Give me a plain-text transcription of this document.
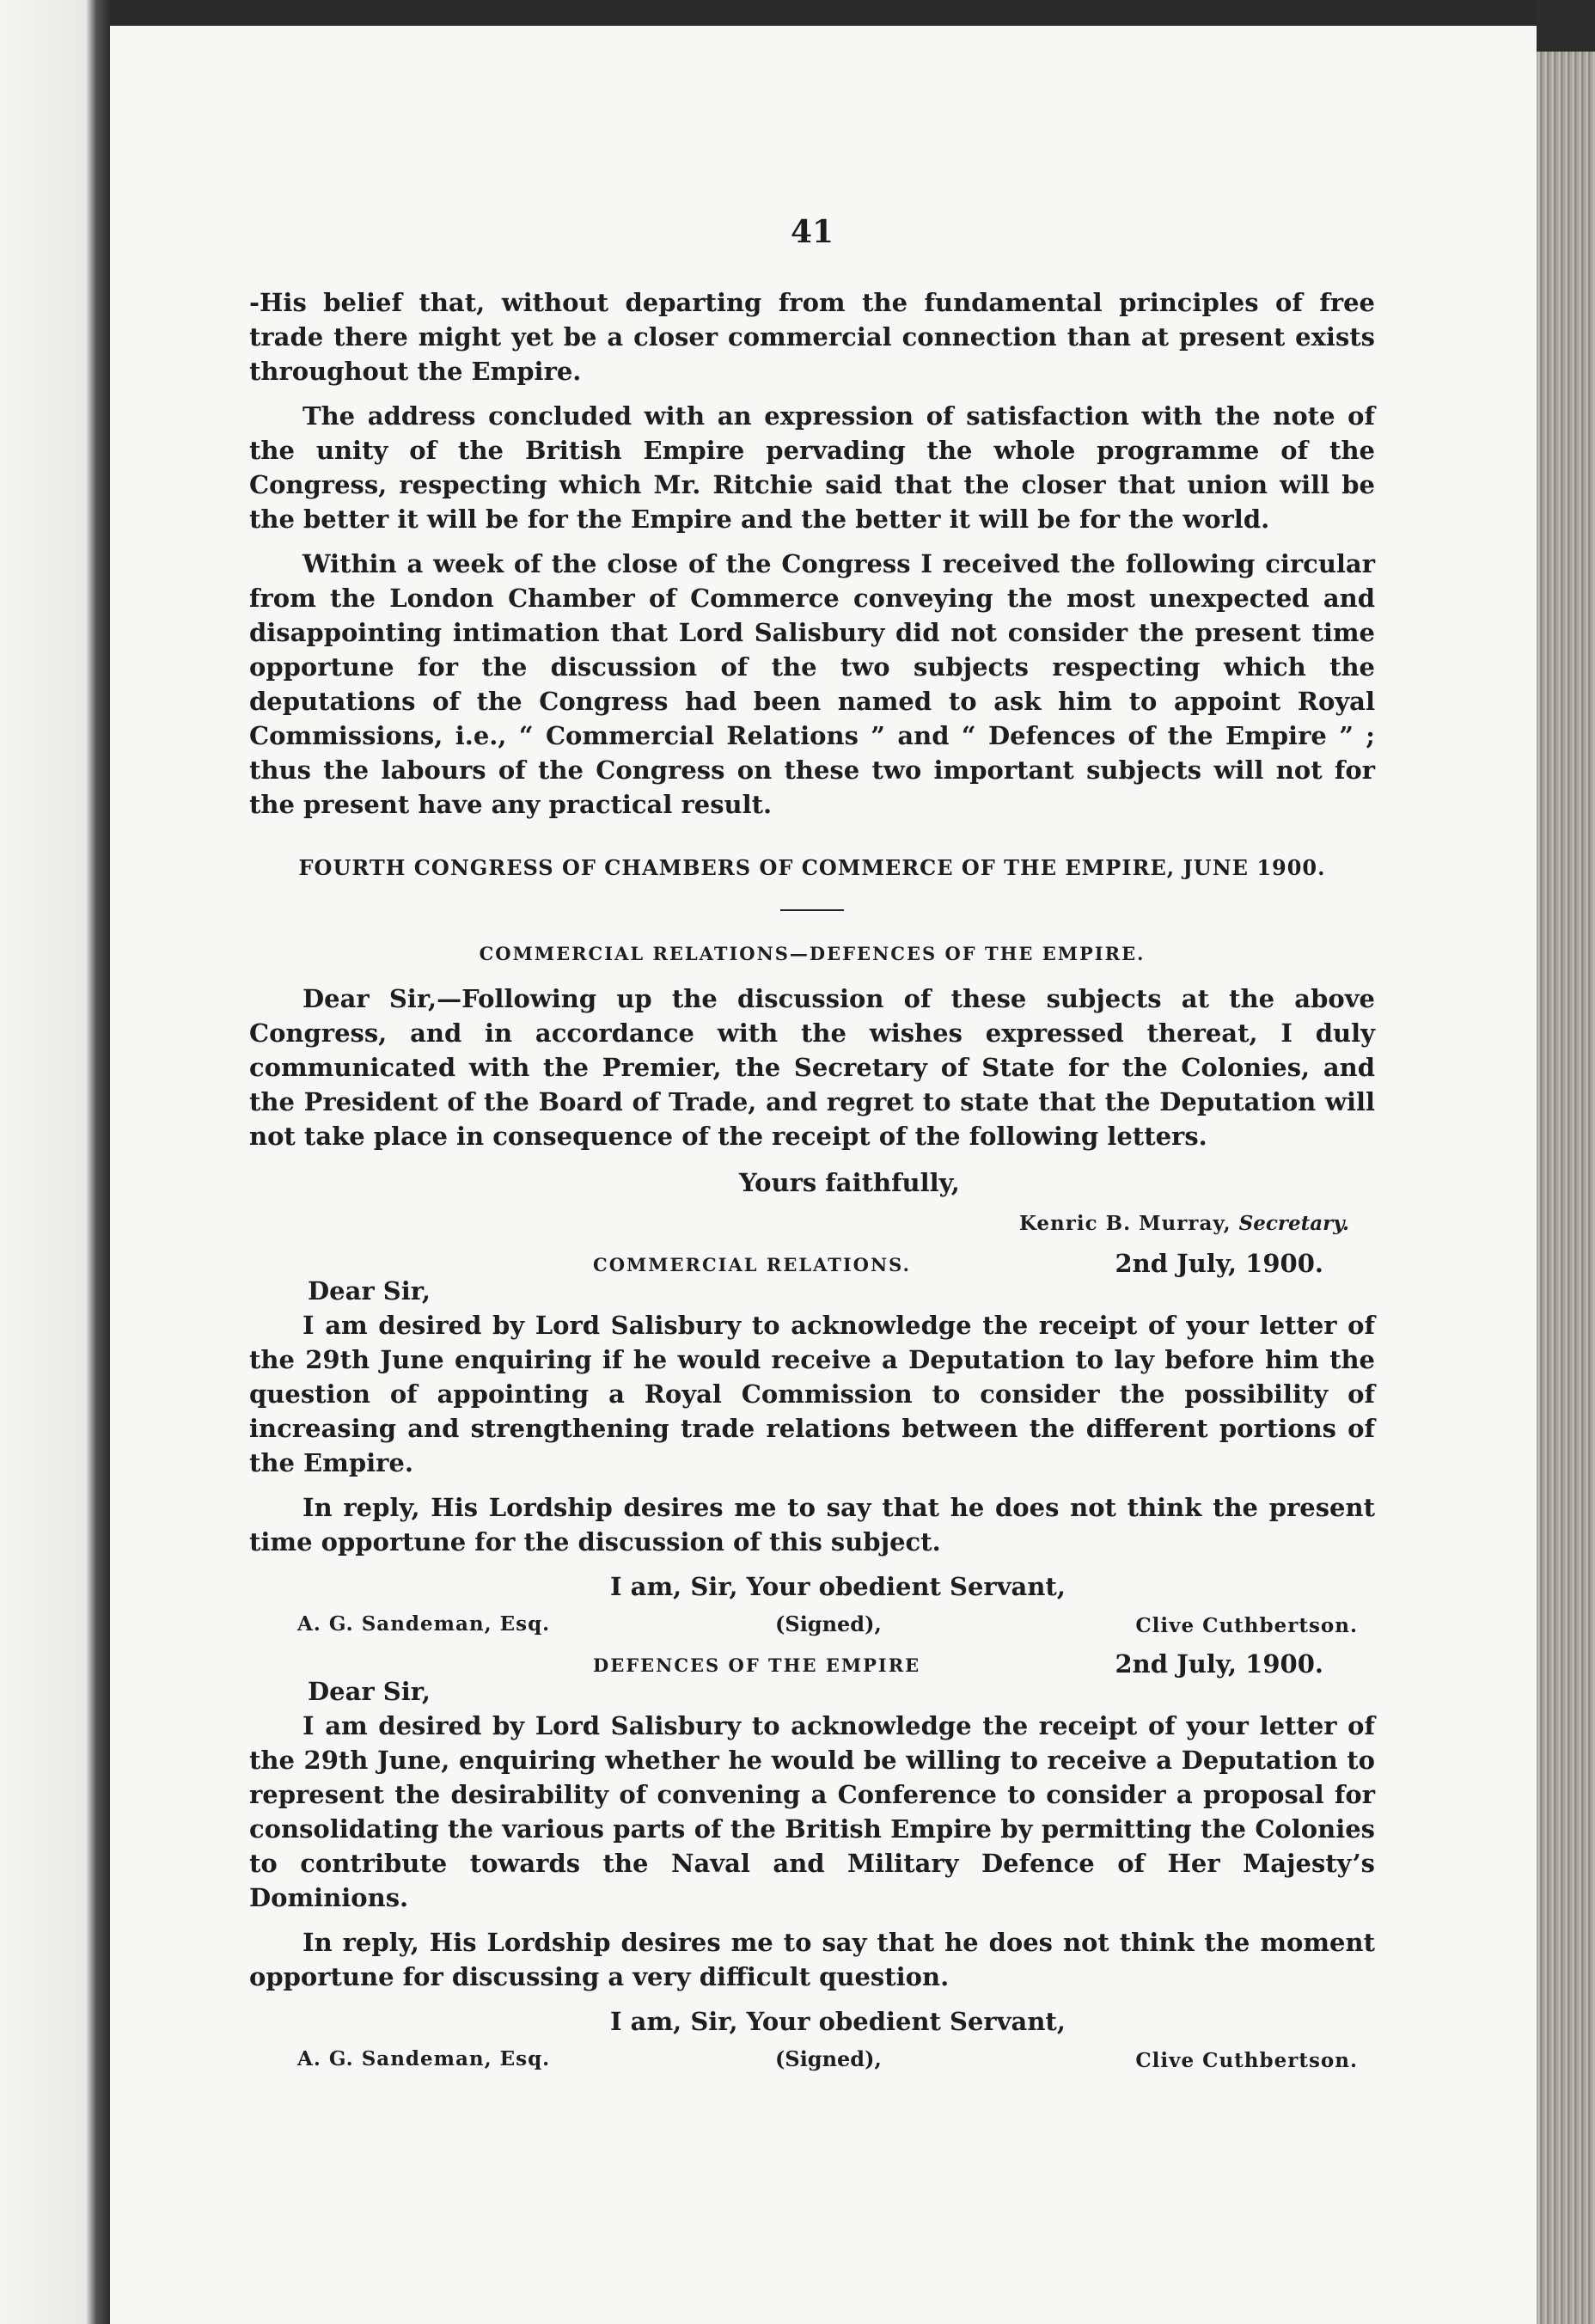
41

-His belief that, without departing from the fundamental principles of free trade there might yet be a closer commercial connection than at present exists throughout the Empire.

The address concluded with an expression of satisfaction with the note of the unity of the British Empire pervading the whole programme of the Congress, respecting which Mr. Ritchie said that the closer that union will be the better it will be for the Empire and the better it will be for the world.

Within a week of the close of the Congress I received the following circular from the London Chamber of Commerce conveying the most unexpected and disappointing intimation that Lord Salisbury did not consider the present time opportune for the discussion of the two subjects respecting which the deputations of the Congress had been named to ask him to appoint Royal Commissions, i.e., “ Commercial Relations ” and “ Defences of the Empire ” ; thus the labours of the Congress on these two important subjects will not for the present have any practical result.

FOURTH CONGRESS OF CHAMBERS OF COMMERCE OF THE EMPIRE, JUNE 1900.
COMMERCIAL RELATIONS—DEFENCES OF THE EMPIRE.

Dear Sir,—Following up the discussion of these subjects at the above Congress, and in accordance with the wishes expressed thereat, I duly communicated with the Premier, the Secretary of State for the Colonies, and the President of the Board of Trade, and regret to state that the Deputation will not take place in consequence of the receipt of the following letters.

Yours faithfully,
Kenric B. Murray, Secretary.
COMMERCIAL RELATIONS.	2nd July, 1900.
Dear Sir,

I am desired by Lord Salisbury to acknowledge the receipt of your letter of the 29th June enquiring if he would receive a Deputation to lay before him the question of appointing a Royal Commission to consider the possibility of increasing and strengthening trade relations between the different portions of the Empire.

In reply, His Lordship desires me to say that he does not think the present time opportune for the discussion of this subject.

I am, Sir, Your obedient Servant,
A. G. Sandeman, Esq.	(Signed),	Clive Cuthbertson.
DEFENCES OF THE EMPIRE	2nd July, 1900.
Dear Sir,

I am desired by Lord Salisbury to acknowledge the receipt of your letter of the 29th June, enquiring whether he would be willing to receive a Deputation to represent the desirability of convening a Conference to consider a proposal for consolidating the various parts of the British Empire by permitting the Colonies to contribute towards the Naval and Military Defence of Her Majesty’s Dominions.

In reply, His Lordship desires me to say that he does not think the moment opportune for discussing a very difficult question.

I am, Sir, Your obedient Servant,
A. G. Sandeman, Esq.	(Signed),	Clive Cuthbertson.
